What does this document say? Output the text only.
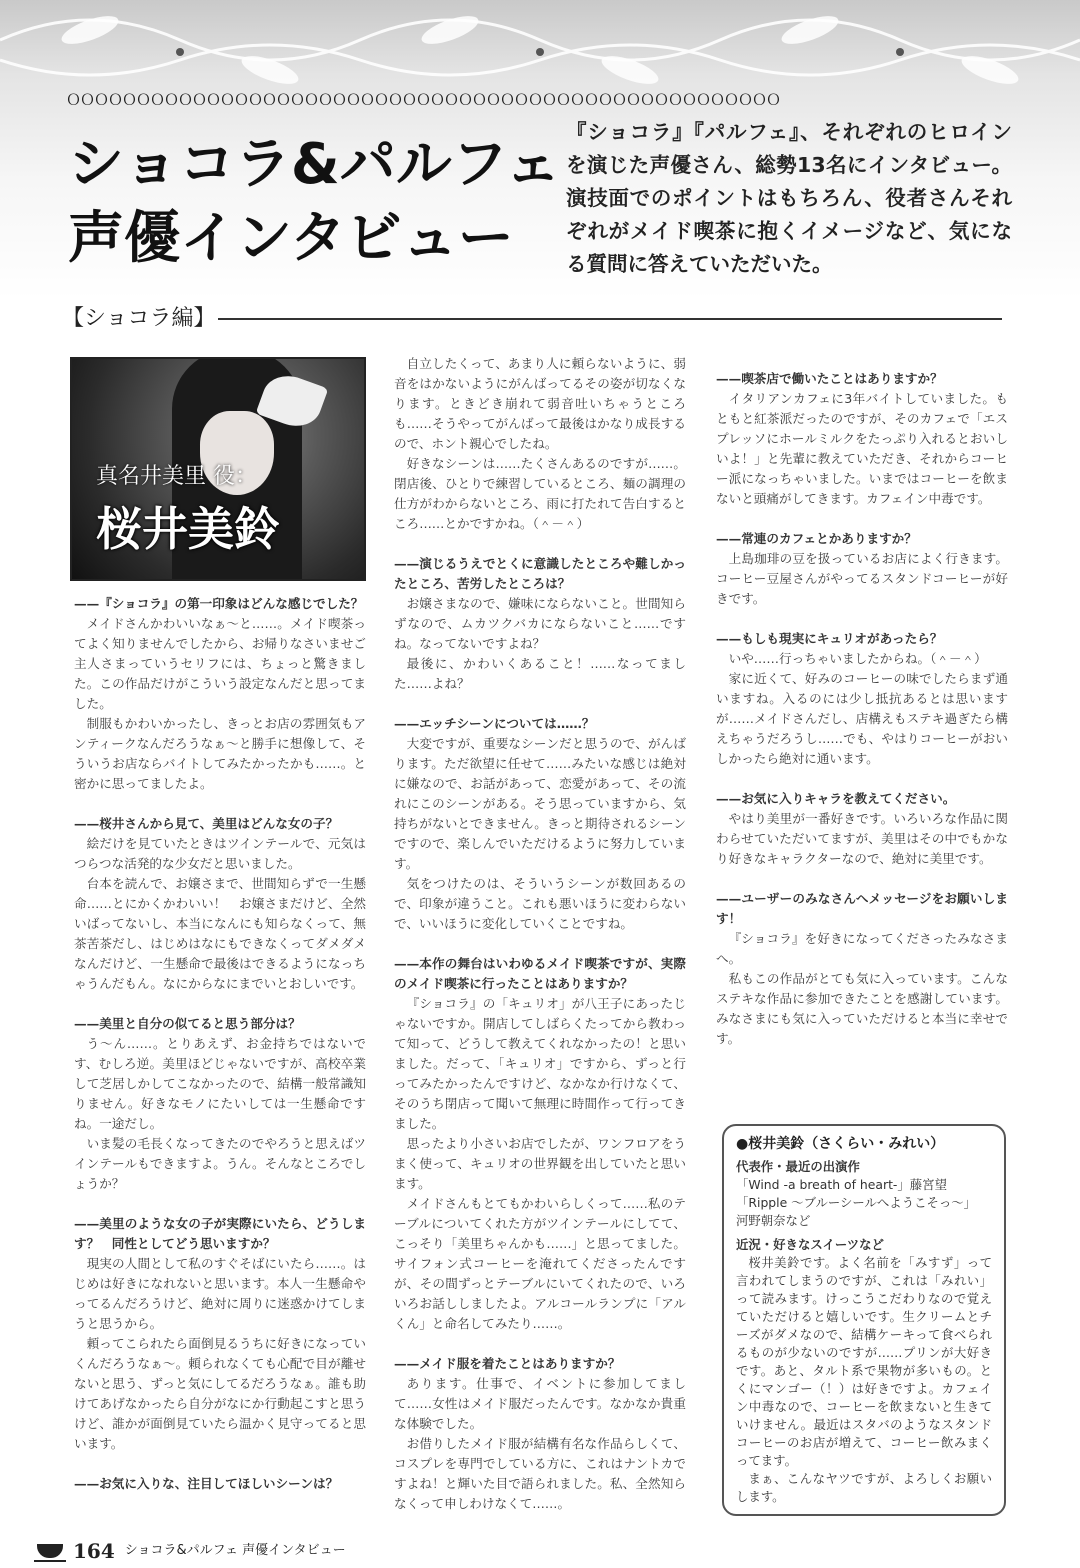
ＯＯＯＯＯＯＯＯＯＯＯＯＯＯＯＯＯＯＯＯＯＯＯＯＯＯＯＯＯＯＯＯＯＯＯＯＯＯＯＯＯＯＯＯＯＯＯＯＯＯＯ
ショコラ&パルフェ
声優インタビュー
『ショコラ』『パルフェ』、それぞれのヒロインを演じた声優さん、総勢13名にインタビュー。演技面でのポイントはもちろん、役者さんそれぞれがメイド喫茶に抱くイメージなど、気になる質問に答えていただいた。
【ショコラ編】
真名井美里 役：
桜井美鈴
——『ショコラ』の第一印象はどんな感じでした？

メイドさんかわいいなぁ～と……。メイド喫茶ってよく知りませんでしたから、お帰りなさいませご主人さまっていうセリフには、ちょっと驚きました。この作品だけがこういう設定なんだと思ってました。

制服もかわいかったし、きっとお店の雰囲気もアンティークなんだろうなぁ～と勝手に想像して、そういうお店ならバイトしてみたかったかも……。と密かに思ってましたよ。

——桜井さんから見て、美里はどんな女の子？

絵だけを見ていたときはツインテールで、元気はつらつな活発的な少女だと思いました。

台本を読んで、お嬢さまで、世間知らずで一生懸命……とにかくかわいい！　お嬢さまだけど、全然いばってないし、本当になんにも知らなくって、無茶苦茶だし、はじめはなにもできなくってダメダメなんだけど、一生懸命で最後はできるようになっちゃうんだもん。なにからなにまでいとおしいです。

——美里と自分の似てると思う部分は？

う～ん……。とりあえず、お金持ちではないです、むしろ逆。美里ほどじゃないですが、高校卒業して芝居しかしてこなかったので、結構一般常識知りません。好きなモノにたいしては一生懸命ですね。一途だし。

いま髪の毛長くなってきたのでやろうと思えばツインテールもできますよ。うん。そんなところでしょうか？

——美里のような女の子が実際にいたら、どうします？　同性としてどう思いますか？

現実の人間として私のすぐそばにいたら……。はじめは好きになれないと思います。本人一生懸命やってるんだろうけど、絶対に周りに迷惑かけてしまうと思うから。

頼ってこられたら面倒見るうちに好きになっていくんだろうなぁ～。頼られなくても心配で目が離せないと思う、ずっと気にしてるだろうなぁ。誰も助けてあげなかったら自分がなにか行動起こすと思うけど、誰かが面倒見ていたら温かく見守ってると思います。

——お気に入りな、注目してほしいシーンは？

自立したくって、あまり人に頼らないように、弱音をはかないようにがんばってるその姿が切なくなります。ときどき崩れて弱音吐いちゃうところも……そうやってがんばって最後はかなり成長するので、ホント親心でしたね。

好きなシーンは……たくさんあるのですが……。閉店後、ひとりで練習しているところ、麺の調理の仕方がわからないところ、雨に打たれて告白するところ……とかですかね。（＾－＾）

——演じるうえでとくに意識したところや難しかったところ、苦労したところは？

お嬢さまなので、嫌味にならないこと。世間知らずなので、ムカツクバカにならないこと……ですね。なってないですよね？

最後に、かわいくあること！……なってました……よね？

——エッチシーンについては……？

大変ですが、重要なシーンだと思うので、がんばります。ただ欲望に任せて……みたいな感じは絶対に嫌なので、お話があって、恋愛があって、その流れにこのシーンがある。そう思っていますから、気持ちがないとできません。きっと期待されるシーンですので、楽しんでいただけるように努力しています。

気をつけたのは、そういうシーンが数回あるので、印象が違うこと。これも悪いほうに変わらないで、いいほうに変化していくことですね。

——本作の舞台はいわゆるメイド喫茶ですが、実際のメイド喫茶に行ったことはありますか？

『ショコラ』の「キュリオ」が八王子にあったじゃないですか。開店してしばらくたってから教わって知って、どうして教えてくれなかったの！と思いました。だって、「キュリオ」ですから、ずっと行ってみたかったんですけど、なかなか行けなくて、そのうち閉店って聞いて無理に時間作って行ってきました。

思ったより小さいお店でしたが、ワンフロアをうまく使って、キュリオの世界観を出していたと思います。

メイドさんもとてもかわいらしくって……私のテーブルについてくれた方がツインテールにしてて、こっそり「美里ちゃんかも……」と思ってました。サイフォン式コーヒーを淹れてくださったんですが、その間ずっとテーブルにいてくれたので、いろいろお話ししましたよ。アルコールランプに「アルくん」と命名してみたり……。

——メイド服を着たことはありますか？

あります。仕事で、イベントに参加してまして……女性はメイド服だったんです。なかなか貴重な体験でした。

お借りしたメイド服が結構有名な作品らしくて、コスプレを専門でしている方に、これはナントカですよね！と輝いた目で語られました。私、全然知らなくって申しわけなくて……。

——喫茶店で働いたことはありますか？

イタリアンカフェに3年バイトしていました。もともと紅茶派だったのですが、そのカフェで「エスプレッソにホールミルクをたっぷり入れるとおいしいよ！」と先輩に教えていただき、それからコーヒー派になっちゃいました。いまではコーヒーを飲まないと頭痛がしてきます。カフェイン中毒です。

——常連のカフェとかありますか？

上島珈琲の豆を扱っているお店によく行きます。コーヒー豆屋さんがやってるスタンドコーヒーが好きです。

——もしも現実にキュリオがあったら？

いや……行っちゃいましたからね。（＾－＾）

家に近くて、好みのコーヒーの味でしたらまず通いますね。入るのには少し抵抗あるとは思いますが……メイドさんだし、店構えもステキ過ぎたら構えちゃうだろうし……でも、やはりコーヒーがおいしかったら絶対に通います。

——お気に入りキャラを教えてください。

やはり美里が一番好きです。いろいろな作品に関わらせていただいてますが、美里はその中でもかなり好きなキャラクターなので、絶対に美里です。

——ユーザーのみなさんへメッセージをお願いします！

『ショコラ』を好きになってくださったみなさまへ。

私もこの作品がとても気に入っています。こんなステキな作品に参加できたことを感謝しています。みなさまにも気に入っていただけると本当に幸せです。

●桜井美鈴（さくらい・みれい）
代表作・最近の出演作
「Wind -a breath of heart-」藤宮望
「Ripple ～ブルーシールへようこそっ～」
河野朝奈など
近況・好きなスイーツなど

桜井美鈴です。よく名前を「みすず」って言われてしまうのですが、これは「みれい」って読みます。けっこうこだわりなので覚えていただけると嬉しいです。生クリームとチーズがダメなので、結構ケーキって食べられるものが少ないのですが……プリンが大好きです。あと、タルト系で果物が多いもの。とくにマンゴー（！）は好きですよ。カフェイン中毒なので、コーヒーを飲まないと生きていけません。最近はスタバのようなスタンドコーヒーのお店が増えて、コーヒー飲みまくってます。

まぁ、こんなヤツですが、よろしくお願いします。

164 ショコラ&パルフェ 声優インタビュー
